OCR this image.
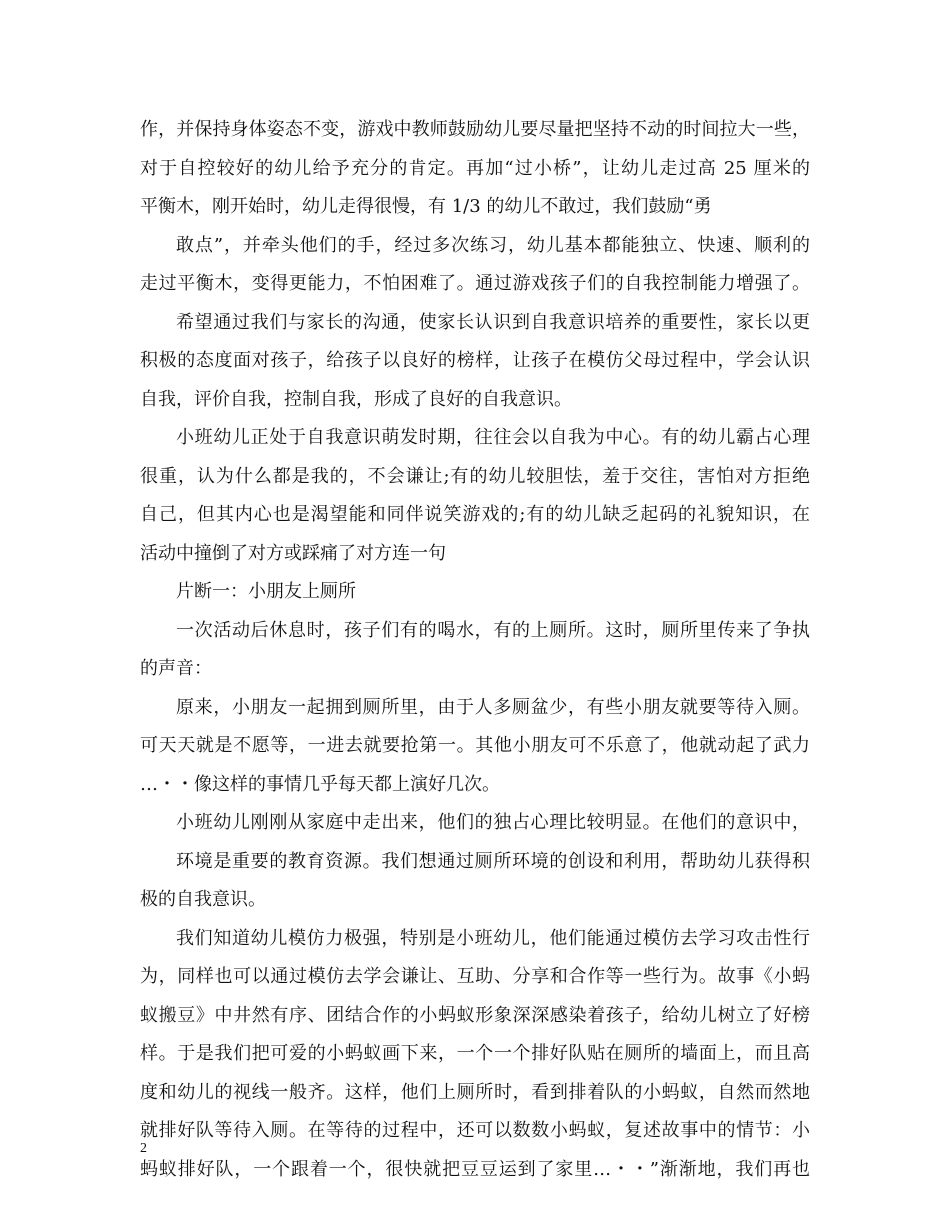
作，并保持身体姿态不变，游戏中教师鼓励幼儿要尽量把坚持不动的时间拉大一些，
对于自控较好的幼儿给予充分的肯定。再加“过小桥”，让幼儿走过高 25 厘米的
平衡木，刚开始时，幼儿走得很慢，有 1/3 的幼儿不敢过，我们鼓励“勇
敢点”，并牵头他们的手，经过多次练习，幼儿基本都能独立、快速、顺利的
走过平衡木，变得更能力，不怕困难了。通过游戏孩子们的自我控制能力增强了。
希望通过我们与家长的沟通，使家长认识到自我意识培养的重要性，家长以更
积极的态度面对孩子，给孩子以良好的榜样，让孩子在模仿父母过程中，学会认识
自我，评价自我，控制自我，形成了良好的自我意识。
小班幼儿正处于自我意识萌发时期，往往会以自我为中心。有的幼儿霸占心理
很重，认为什么都是我的，不会谦让;有的幼儿较胆怯，羞于交往，害怕对方拒绝
自己，但其内心也是渴望能和同伴说笑游戏的;有的幼儿缺乏起码的礼貌知识，在
活动中撞倒了对方或踩痛了对方连一句
片断一：小朋友上厕所
一次活动后休息时，孩子们有的喝水，有的上厕所。这时，厕所里传来了争执
的声音：
原来，小朋友一起拥到厕所里，由于人多厕盆少，有些小朋友就要等待入厕。
可天天就是不愿等，一进去就要抢第一。其他小朋友可不乐意了，他就动起了武力
…・・像这样的事情几乎每天都上演好几次。
小班幼儿刚刚从家庭中走出来，他们的独占心理比较明显。在他们的意识中，
环境是重要的教育资源。我们想通过厕所环境的创设和利用，帮助幼儿获得积
极的自我意识。
我们知道幼儿模仿力极强，特别是小班幼儿，他们能通过模仿去学习攻击性行
为，同样也可以通过模仿去学会谦让、互助、分享和合作等一些行为。故事《小蚂
蚁搬豆》中井然有序、团结合作的小蚂蚁形象深深感染着孩子，给幼儿树立了好榜
样。于是我们把可爱的小蚂蚁画下来，一个一个排好队贴在厕所的墙面上，而且高
度和幼儿的视线一般齐。这样，他们上厕所时，看到排着队的小蚂蚁，自然而然地
就排好队等待入厕。在等待的过程中，还可以数数小蚂蚁，复述故事中的情节：小
蚂蚁排好队，一个跟着一个，很快就把豆豆运到了家里…・・”渐渐地，我们再也
2
